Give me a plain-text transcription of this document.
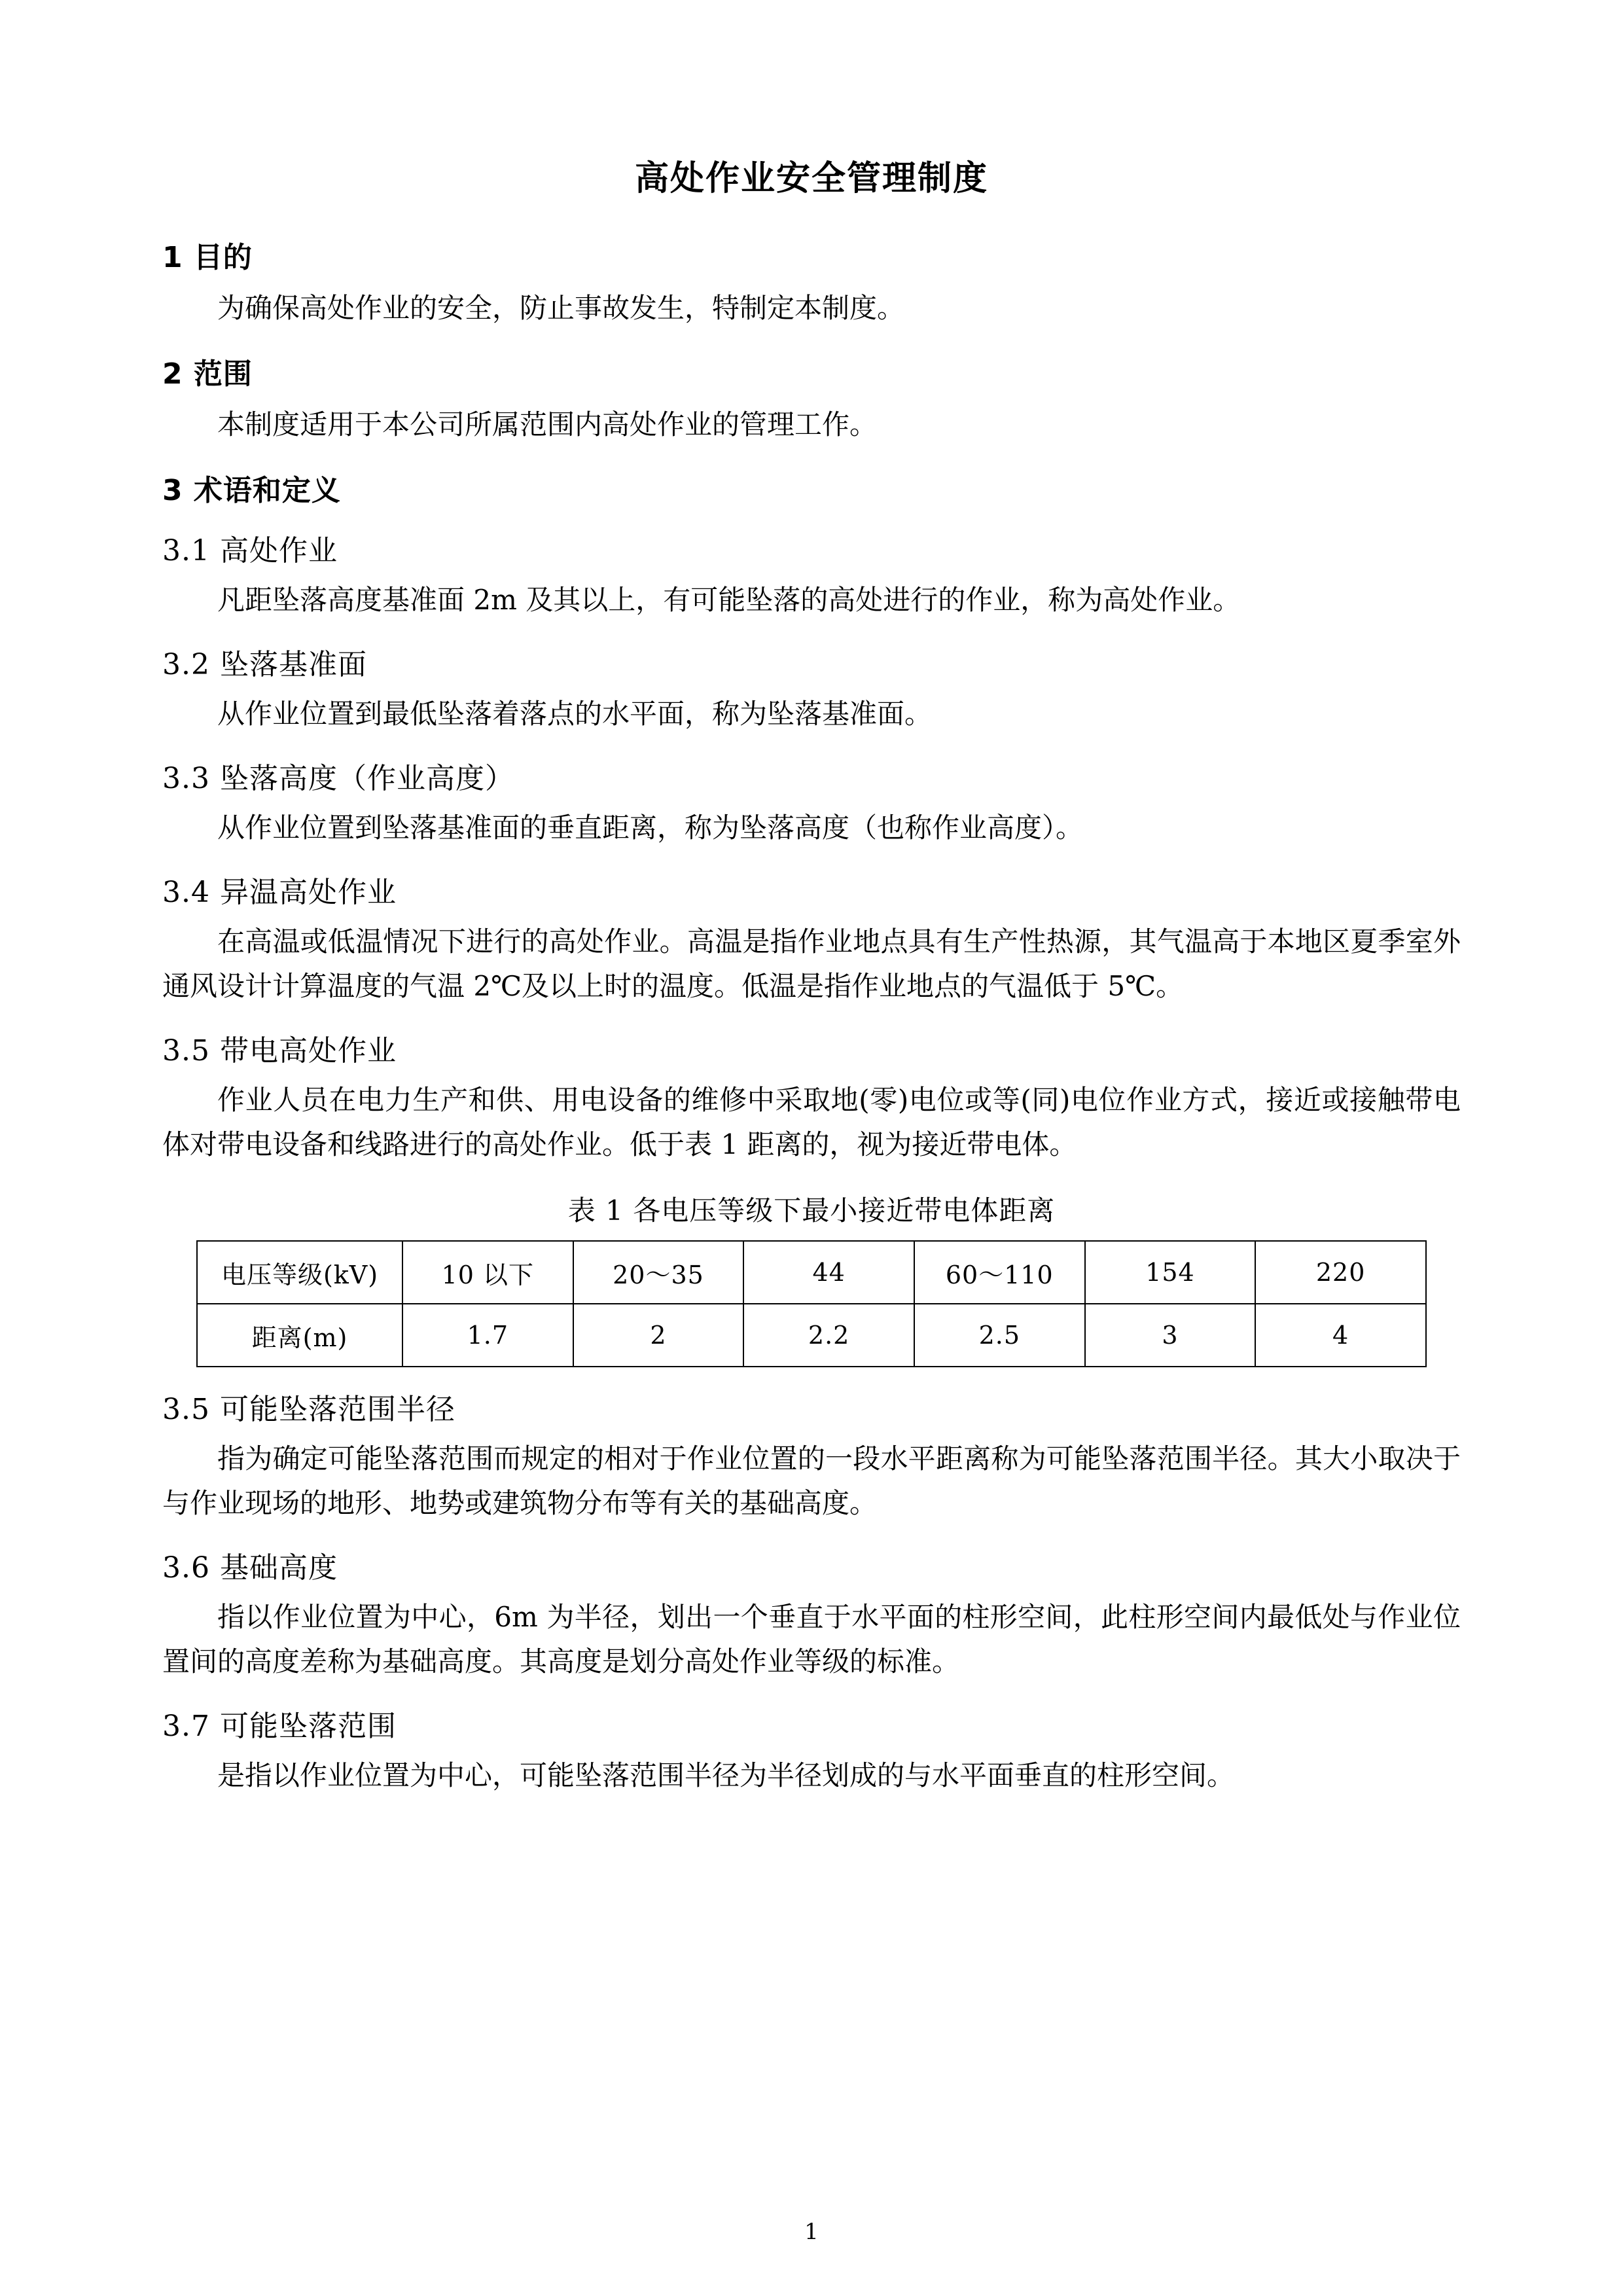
高处作业安全管理制度
1 目的
为确保高处作业的安全，防止事故发生，特制定本制度。
2 范围
本制度适用于本公司所属范围内高处作业的管理工作。
3 术语和定义
3.1 高处作业
凡距坠落高度基准面 2m 及其以上，有可能坠落的高处进行的作业，称为高处作业。
3.2 坠落基准面
从作业位置到最低坠落着落点的水平面，称为坠落基准面。
3.3 坠落高度（作业高度）
从作业位置到坠落基准面的垂直距离，称为坠落高度（也称作业高度）。
3.4 异温高处作业
在高温或低温情况下进行的高处作业。高温是指作业地点具有生产性热源，其气温高于本地区夏季室外通风设计计算温度的气温 2℃及以上时的温度。低温是指作业地点的气温低于 5℃。
3.5 带电高处作业
作业人员在电力生产和供、用电设备的维修中采取地(零)电位或等(同)电位作业方式，接近或接触带电体对带电设备和线路进行的高处作业。低于表 1 距离的，视为接近带电体。
表 1 各电压等级下最小接近带电体距离
电压等级(kV)	10 以下	20～35	44	60～110	154	220
距离(m)	1.7	2	2.2	2.5	3	4
3.5 可能坠落范围半径
指为确定可能坠落范围而规定的相对于作业位置的一段水平距离称为可能坠落范围半径。其大小取决于与作业现场的地形、地势或建筑物分布等有关的基础高度。
3.6 基础高度
指以作业位置为中心，6m 为半径，划出一个垂直于水平面的柱形空间，此柱形空间内最低处与作业位置间的高度差称为基础高度。其高度是划分高处作业等级的标准。
3.7 可能坠落范围
是指以作业位置为中心，可能坠落范围半径为半径划成的与水平面垂直的柱形空间。
1
